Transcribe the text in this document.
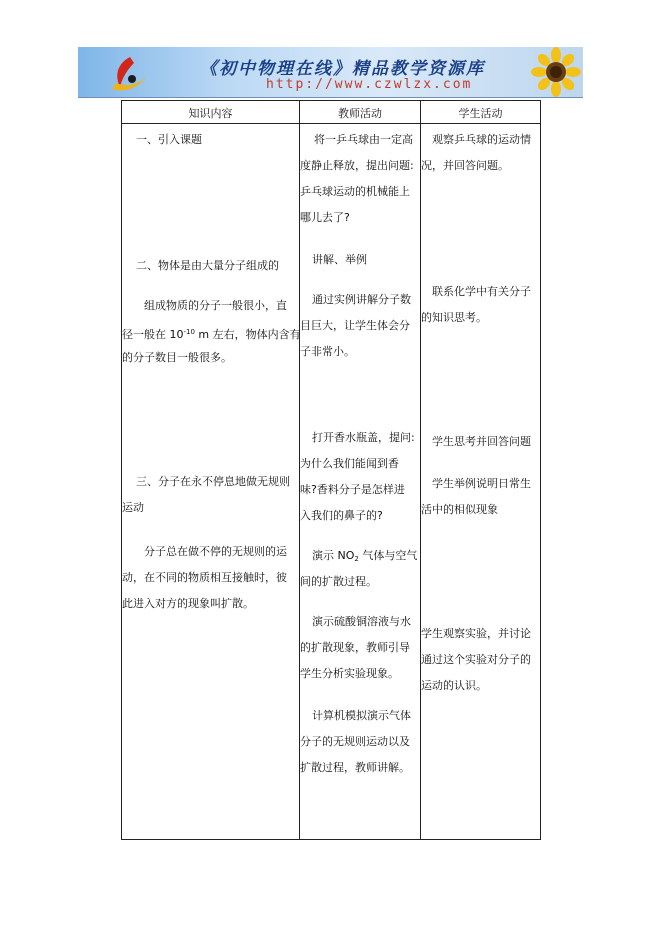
《初中物理在线》精品教学资源库
http://www.czwlzx.com
知识内容	教师活动	学生活动
一、引入课题
二、物体是由大量分子组成的
组成物质的分子一般很小，直
径一般在 $10^{-10}$ m 左右，物体内含有
的分子数目一般很多。
三、分子在永不停息地做无规则
运动
分子总在做不停的无规则的运
动，在不同的物质相互接触时，彼
此进入对方的现象叫扩散。
将一乒乓球由一定高
度静止释放，提出问题:
乒乓球运动的机械能上
哪儿去了?
讲解、举例
通过实例讲解分子数
目巨大，让学生体会分
子非常小。
打开香水瓶盖，提问:
为什么我们能闻到香
味?香料分子是怎样进
入我们的鼻子的?
演示 $NO_2$ 气体与空气
间的扩散过程。
演示硫酸铜溶液与水
的扩散现象，教师引导
学生分析实验现象。
计算机模拟演示气体
分子的无规则运动以及
扩散过程，教师讲解。
观察乒乓球的运动情
况，并回答问题。
联系化学中有关分子
的知识思考。
学生思考并回答问题
学生举例说明日常生
活中的相似现象
学生观察实验，并讨论
通过这个实验对分子的
运动的认识。
